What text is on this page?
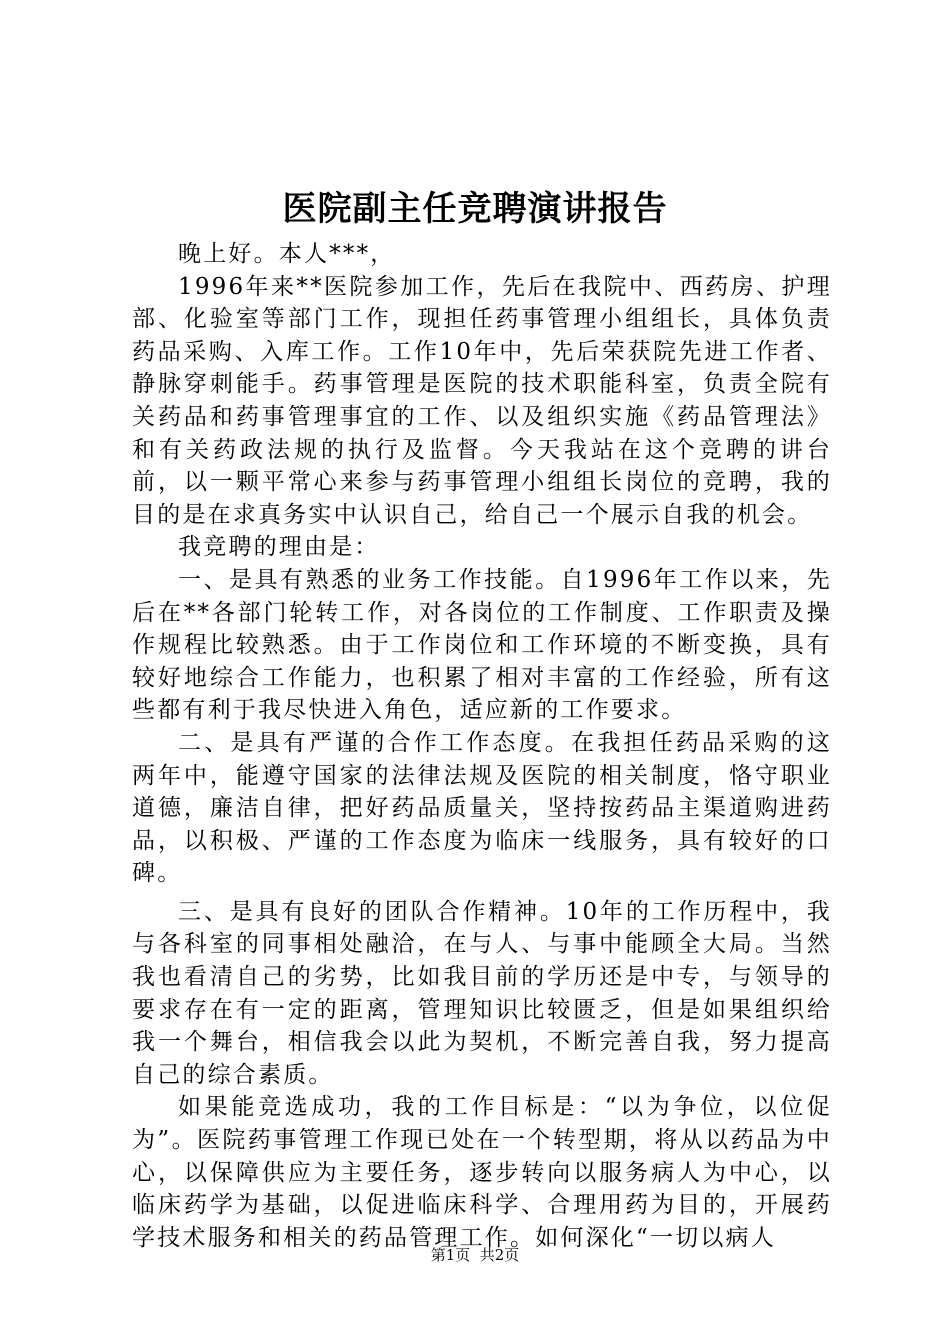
医院副主任竞聘演讲报告

晚上好。本人***，

1996年来**医院参加工作，先后在我院中、西药房、护理部、化验室等部门工作，现担任药事管理小组组长，具体负责药品采购、入库工作。工作10年中，先后荣获院先进工作者、静脉穿刺能手。药事管理是医院的技术职能科室，负责全院有关药品和药事管理事宜的工作、以及组织实施《药品管理法》和有关药政法规的执行及监督。今天我站在这个竞聘的讲台前，以一颗平常心来参与药事管理小组组长岗位的竞聘，我的目的是在求真务实中认识自己，给自己一个展示自我的机会。

我竞聘的理由是：

一、是具有熟悉的业务工作技能。自1996年工作以来，先后在**各部门轮转工作，对各岗位的工作制度、工作职责及操作规程比较熟悉。由于工作岗位和工作环境的不断变换，具有较好地综合工作能力，也积累了相对丰富的工作经验，所有这些都有利于我尽快进入角色，适应新的工作要求。

二、是具有严谨的合作工作态度。在我担任药品采购的这两年中，能遵守国家的法律法规及医院的相关制度，恪守职业道德，廉洁自律，把好药品质量关，坚持按药品主渠道购进药品，以积极、严谨的工作态度为临床一线服务，具有较好的口碑。

三、是具有良好的团队合作精神。10年的工作历程中，我与各科室的同事相处融洽，在与人、与事中能顾全大局。当然我也看清自己的劣势，比如我目前的学历还是中专，与领导的要求存在有一定的距离，管理知识比较匮乏，但是如果组织给我一个舞台，相信我会以此为契机，不断完善自我，努力提高自己的综合素质。

如果能竞选成功，我的工作目标是：“以为争位，以位促为”。医院药事管理工作现已处在一个转型期，将从以药品为中心，以保障供应为主要任务，逐步转向以服务病人为中心，以临床药学为基础，以促进临床科学、合理用药为目的，开展药学技术服务和相关的药品管理工作。如何深化“一切以病人

第1页  共2页
